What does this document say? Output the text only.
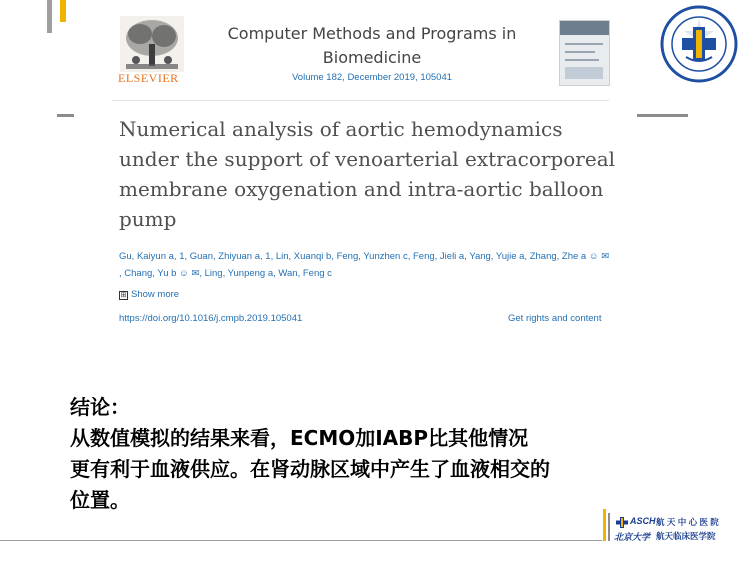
ELSEVIER
Computer Methods and Programs in
Biomedicine
Volume 182, December 2019, 105041
Numerical analysis of aortic hemodynamics
under the support of venoarterial extracorporeal
membrane oxygenation and intra-aortic balloon
pump
Gu, Kaiyun a, 1, Guan, Zhiyuan a, 1, Lin, Xuanqi b, Feng, Yunzhen c, Feng, Jieli a, Yang, Yujie a, Zhang, Zhe a ☺ ✉
, Chang, Yu b ☺ ✉, Ling, Yunpeng a, Wan, Feng c
⊞ Show more
https://doi.org/10.1016/j.cmpb.2019.105041	Get rights and content
结论：
从数值模拟的结果来看，ECMO加IABP比其他情况
更有利于血液供应。在肾动脉区域中产生了血液相交的
位置。
ASCH 航 天 中 心 医 院
北京大学 航天临床医学院
